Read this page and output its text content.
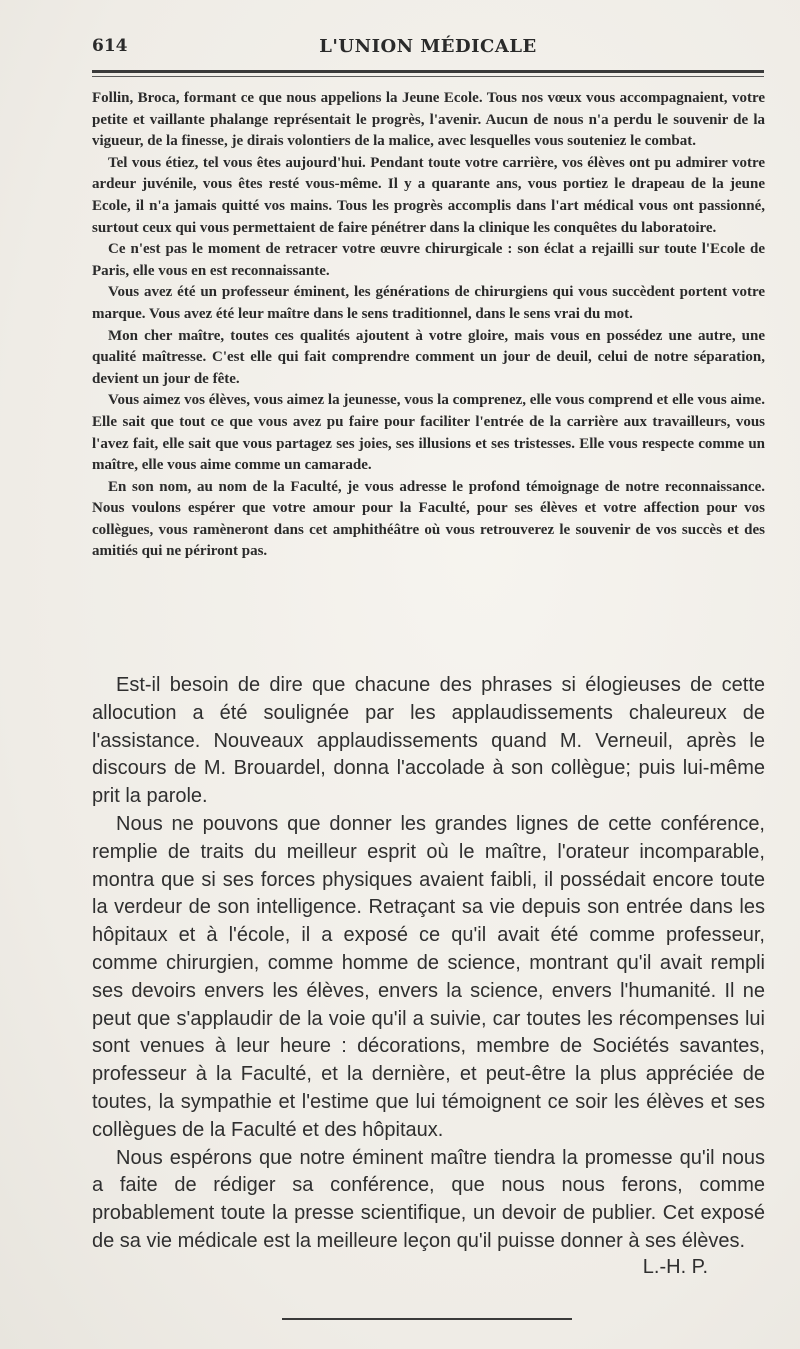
614	L'UNION MÉDICALE

Follin, Broca, formant ce que nous appelions la Jeune Ecole. Tous nos vœux vous accompagnaient, votre petite et vaillante phalange représentait le progrès, l'avenir. Aucun de nous n'a perdu le souvenir de la vigueur, de la finesse, je dirais volontiers de la malice, avec lesquelles vous souteniez le combat.

Tel vous étiez, tel vous êtes aujourd'hui. Pendant toute votre carrière, vos élèves ont pu admirer votre ardeur juvénile, vous êtes resté vous-même. Il y a quarante ans, vous portiez le drapeau de la jeune Ecole, il n'a jamais quitté vos mains. Tous les progrès accomplis dans l'art médical vous ont passionné, surtout ceux qui vous permettaient de faire pénétrer dans la clinique les conquêtes du laboratoire.

Ce n'est pas le moment de retracer votre œuvre chirurgicale : son éclat a rejailli sur toute l'Ecole de Paris, elle vous en est reconnaissante.

Vous avez été un professeur éminent, les générations de chirurgiens qui vous succèdent portent votre marque. Vous avez été leur maître dans le sens traditionnel, dans le sens vrai du mot.

Mon cher maître, toutes ces qualités ajoutent à votre gloire, mais vous en possédez une autre, une qualité maîtresse. C'est elle qui fait comprendre comment un jour de deuil, celui de notre séparation, devient un jour de fête.

Vous aimez vos élèves, vous aimez la jeunesse, vous la comprenez, elle vous comprend et elle vous aime. Elle sait que tout ce que vous avez pu faire pour faciliter l'entrée de la carrière aux travailleurs, vous l'avez fait, elle sait que vous partagez ses joies, ses illusions et ses tristesses. Elle vous respecte comme un maître, elle vous aime comme un camarade.

En son nom, au nom de la Faculté, je vous adresse le profond témoignage de notre reconnaissance. Nous voulons espérer que votre amour pour la Faculté, pour ses élèves et votre affection pour vos collègues, vous ramèneront dans cet amphithéâtre où vous retrouverez le souvenir de vos succès et des amitiés qui ne périront pas.

Est-il besoin de dire que chacune des phrases si élogieuses de cette allocution a été soulignée par les applaudissements chaleureux de l'assistance. Nouveaux applaudissements quand M. Verneuil, après le discours de M. Brouardel, donna l'accolade à son collègue; puis lui-même prit la parole.

Nous ne pouvons que donner les grandes lignes de cette conférence, remplie de traits du meilleur esprit où le maître, l'orateur incomparable, montra que si ses forces physiques avaient faibli, il possédait encore toute la verdeur de son intelligence. Retraçant sa vie depuis son entrée dans les hôpitaux et à l'école, il a exposé ce qu'il avait été comme professeur, comme chirurgien, comme homme de science, montrant qu'il avait rempli ses devoirs envers les élèves, envers la science, envers l'humanité. Il ne peut que s'applaudir de la voie qu'il a suivie, car toutes les récompenses lui sont venues à leur heure : décorations, membre de Sociétés savantes, professeur à la Faculté, et la dernière, et peut-être la plus appréciée de toutes, la sympathie et l'estime que lui témoignent ce soir les élèves et ses collègues de la Faculté et des hôpitaux.

Nous espérons que notre éminent maître tiendra la promesse qu'il nous a faite de rédiger sa conférence, que nous nous ferons, comme probablement toute la presse scientifique, un devoir de publier. Cet exposé de sa vie médicale est la meilleure leçon qu'il puisse donner à ses élèves.

L.-H. P.
